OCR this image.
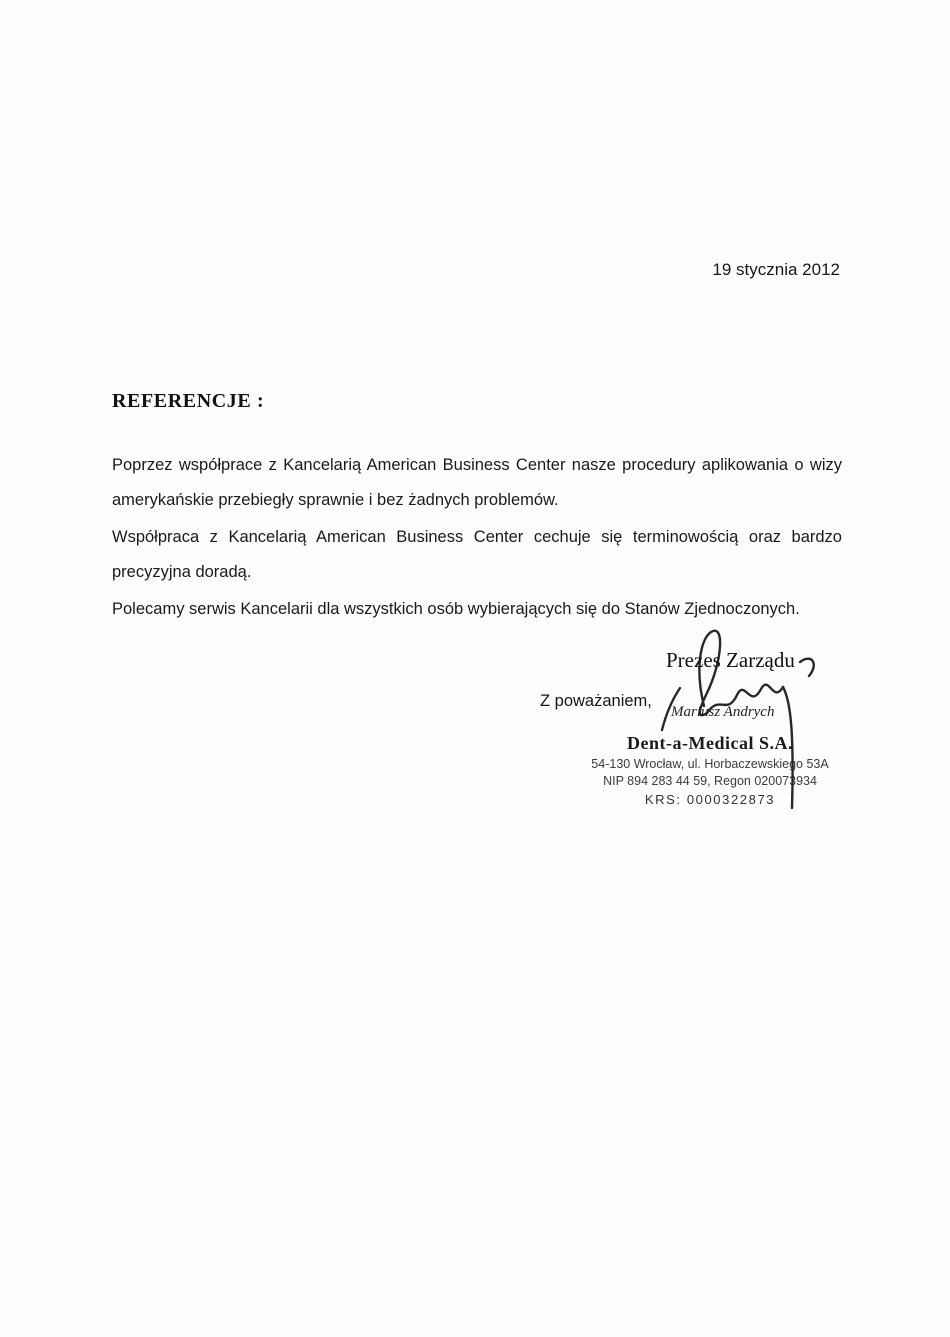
19 stycznia 2012
REFERENCJE :

Poprzez współprace z Kancelarią American Business Center nasze procedury aplikowania o wizy amerykańskie przebiegły sprawnie i bez żadnych problemów.

Współpraca z Kancelarią American Business Center cechuje się terminowością oraz bardzo precyzyjna doradą.

Polecamy serwis Kancelarii dla wszystkich osób wybierających się do Stanów Zjednoczonych.

Prezes Zarządu
Z poważaniem,
Mariusz Andrych
Dent-a-Medical S.A.
54-130 Wrocław, ul. Horbaczewskiego 53A
NIP 894 283 44 59, Regon 020073934
KRS: 0000322873
